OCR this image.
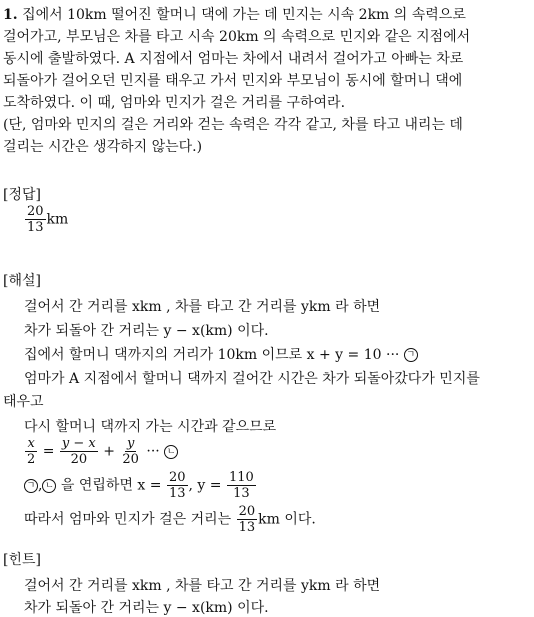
1. 집에서 10km 떨어진 할머니 댁에 가는 데 민지는 시속 2km 의 속력으로
걸어가고, 부모님은 차를 타고 시속 20km 의 속력으로 민지와 같은 지점에서
동시에 출발하였다. A 지점에서 엄마는 차에서 내려서 걸어가고 아빠는 차로
되돌아가 걸어오던 민지를 태우고 가서 민지와 부모님이 동시에 할머니 댁에
도착하였다. 이 때, 엄마와 민지가 걸은 거리를 구하여라.
(단, 엄마와 민지의 걸은 거리와 걷는 속력은 각각 같고, 차를 타고 내리는 데
걸리는 시간은 생각하지 않는다.)
[정답]
$\frac{20}{13}$ km
[해설]
걸어서 간 거리를 xkm , 차를 타고 간 거리를 ykm 라 하면
차가 되돌아 간 거리는 y − x(km) 이다.
집에서 할머니 댁까지의 거리가 10km 이므로 x + y = 10 ··· ㄱ
엄마가 A 지점에서 할머니 댁까지 걸어간 시간은 차가 되돌아갔다가 민지를
태우고
다시 할머니 댁까지 가는 시간과 같으므로
$\frac{x}{2} = \frac{y - x}{20} + \frac{y}{20}$ ··· ㄴ
ㄱ , ㄴ 을 연립하면 $x = \frac{20}{13}$ , $y = \frac{110}{13}$
따라서 엄마와 민지가 걸은 거리는 $\frac{20}{13}$ km 이다.
[힌트]
걸어서 간 거리를 xkm , 차를 타고 간 거리를 ykm 라 하면
차가 되돌아 간 거리는 y − x(km) 이다.
